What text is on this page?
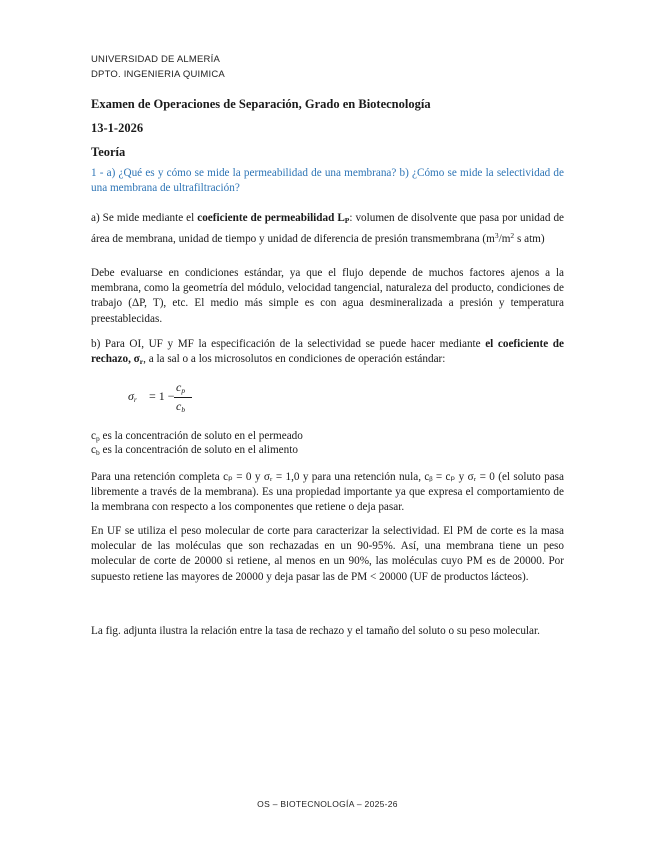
UNIVERSIDAD DE ALMERÍA
DPTO. INGENIERIA QUIMICA
Examen de Operaciones de Separación, Grado en Biotecnología
13-1-2026
Teoría
1 - a) ¿Qué es y cómo se mide la permeabilidad de una membrana? b) ¿Cómo se mide la selectividad de una membrana de ultrafiltración?
a) Se mide mediante el coeficiente de permeabilidad $L_P$: volumen de disolvente que pasa por unidad de área de membrana, unidad de tiempo y unidad de diferencia de presión transmembrana ($m^3/m^2$ s atm)
Debe evaluarse en condiciones estándar, ya que el flujo depende de muchos factores ajenos a la membrana, como la geometría del módulo, velocidad tangencial, naturaleza del producto, condiciones de trabajo (ΔP, T), etc. El medio más simple es con agua desmineralizada a presión y temperatura preestablecidas.
b) Para OI, UF y MF la especificación de la selectividad se puede hacer mediante el coeficiente de rechazo, $\sigma_r$, a la sal o a los microsolutos en condiciones de operación estándar:
$\sigma_r = 1$ −
$c_p$
$c_b$
$c_p$ es la concentración de soluto en el permeado
$c_b$ es la concentración de soluto en el alimento
Para una retención completa cₚ = 0 y σᵣ = 1,0 y para una retención nula, cᵦ = cₚ y σᵣ = 0 (el soluto pasa libremente a través de la membrana). Es una propiedad importante ya que expresa el comportamiento de la membrana con respecto a los componentes que retiene o deja pasar.
En UF se utiliza el peso molecular de corte para caracterizar la selectividad. El PM de corte es la masa molecular de las moléculas que son rechazadas en un 90-95%. Así, una membrana tiene un peso molecular de corte de 20000 si retiene, al menos en un 90%, las moléculas cuyo PM es de 20000. Por supuesto retiene las mayores de 20000 y deja pasar las de PM < 20000 (UF de productos lácteos).
La fig. adjunta ilustra la relación entre la tasa de rechazo y el tamaño del soluto o su peso molecular.
OS – BIOTECNOLOGÍA – 2025-26
